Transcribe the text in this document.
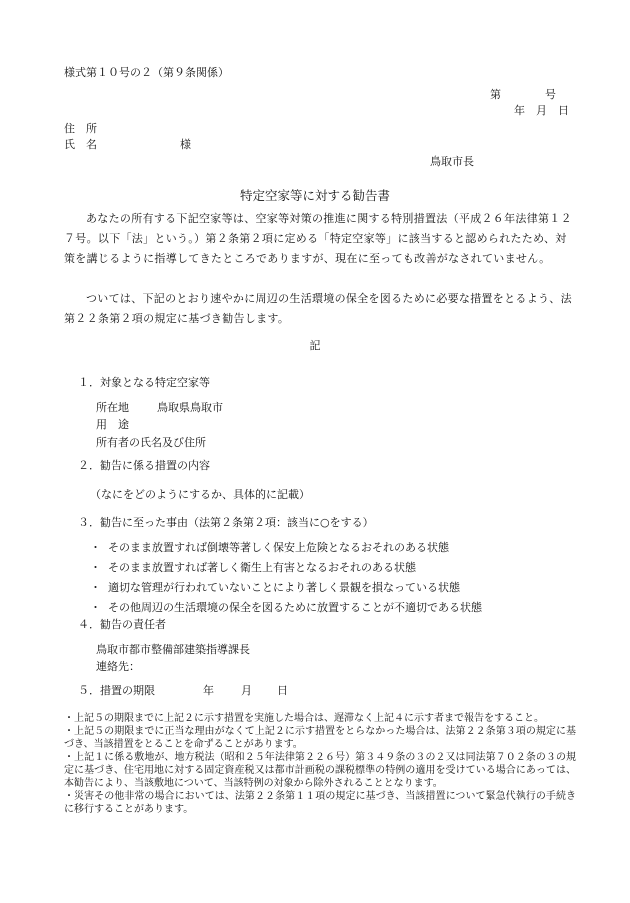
様式第１０号の２（第９条関係）
第　　　　号
年　月　日
住　所
氏　名	様
鳥取市長
特定空家等に対する勧告書
あなたの所有する下記空家等は、空家等対策の推進に関する特別措置法（平成２６年法律第１２７号。以下「法」という。）第２条第２項に定める「特定空家等」に該当すると認められたため、対策を講じるように指導してきたところでありますが、現在に至っても改善がなされていません。
ついては、下記のとおり速やかに周辺の生活環境の保全を図るために必要な措置をとるよう、法第２２条第２項の規定に基づき勧告します。
記
１．対象となる特定空家等
所在地	鳥取県鳥取市
用　途
所有者の氏名及び住所
２．勧告に係る措置の内容
（なにをどのようにするか、具体的に記載）
３．勧告に至った事由（法第２条第２項：該当に○をする）
・ そのまま放置すれば倒壊等著しく保安上危険となるおそれのある状態
・ そのまま放置すれば著しく衛生上有害となるおそれのある状態
・ 適切な管理が行われていないことにより著しく景観を損なっている状態
・ その他周辺の生活環境の保全を図るために放置することが不適切である状態
４．勧告の責任者
鳥取市都市整備部建築指導課長
連絡先：
５．措置の期限	年 月 日
・上記５の期限までに上記２に示す措置を実施した場合は、遅滞なく上記４に示す者まで報告をすること。
・上記５の期限までに正当な理由がなくて上記２に示す措置をとらなかった場合は、法第２２条第３項の規定に基づき、当該措置をとることを命ずることがあります。
・上記１に係る敷地が、地方税法（昭和２５年法律第２２６号）第３４９条の３の２又は同法第７０２条の３の規定に基づき、住宅用地に対する固定資産税又は都市計画税の課税標準の特例の適用を受けている場合にあっては、本勧告により、当該敷地について、当該特例の対象から除外されることとなります。
・災害その他非常の場合においては、法第２２条第１１項の規定に基づき、当該措置について緊急代執行の手続きに移行することがあります。
